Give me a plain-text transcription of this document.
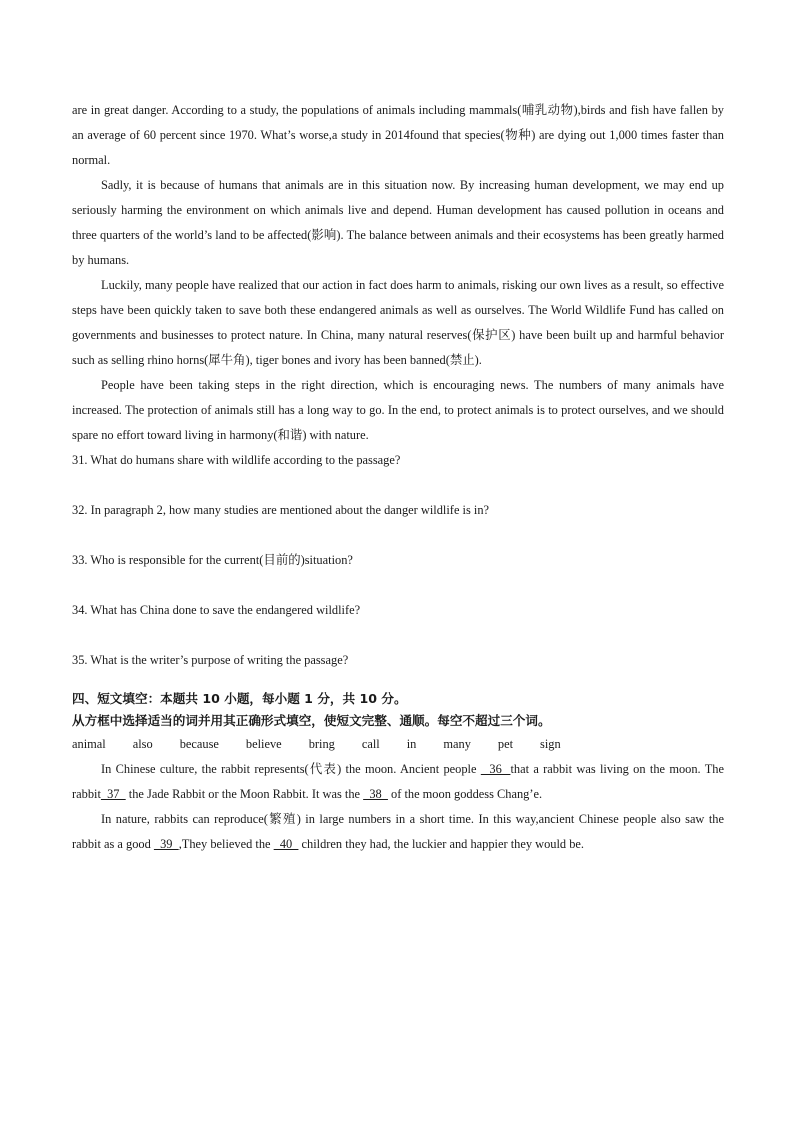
are in great danger. According to a study, the populations of animals including mammals(哺乳动物),birds and fish have fallen by an average of 60 percent since 1970. What’s worse,a study in 2014found that species(物种) are dying out 1,000 times faster than normal.

Sadly, it is because of humans that animals are in this situation now. By increasing human development, we may end up seriously harming the environment on which animals live and depend. Human development has caused pollution in oceans and three quarters of the world’s land to be affected(影响). The balance between animals and their ecosystems has been greatly harmed by humans.

Luckily, many people have realized that our action in fact does harm to animals, risking our own lives as a result, so effective steps have been quickly taken to save both these endangered animals as well as ourselves. The World Wildlife Fund has called on governments and businesses to protect nature. In China, many natural reserves(保护区) have been built up and harmful behavior such as selling rhino horns(犀牛角), tiger bones and ivory has been banned(禁止).

People have been taking steps in the right direction, which is encouraging news. The numbers of many animals have increased. The protection of animals still has a long way to go. In the end, to protect animals is to protect ourselves, and we should spare no effort toward living in harmony(和谐) with nature.

31. What do humans share with wildlife according to the passage?

32. In paragraph 2, how many studies are mentioned about the danger wildlife is in?

33. Who is responsible for the current(目前的)situation?

34. What has China done to save the endangered wildlife?

35. What is the writer’s purpose of writing the passage?

四、短文填空：本题共 10 小题，每小题 1 分，共 10 分。

从方框中选择适当的词并用其正确形式填空，使短文完整、通顺。每空不超过三个词。

animal also because believe bring call in many pet sign

In Chinese culture, the rabbit represents(代表) the moon. Ancient people   36  that a rabbit was living on the moon. The rabbit  37   the Jade Rabbit or the Moon Rabbit. It was the   38   of the moon goddess Chang’e.

In nature, rabbits can reproduce(繁殖) in large numbers in a short time. In this way,ancient Chinese people also saw the rabbit as a good   39  ,They believed the   40   children they had, the luckier and happier they would be.
